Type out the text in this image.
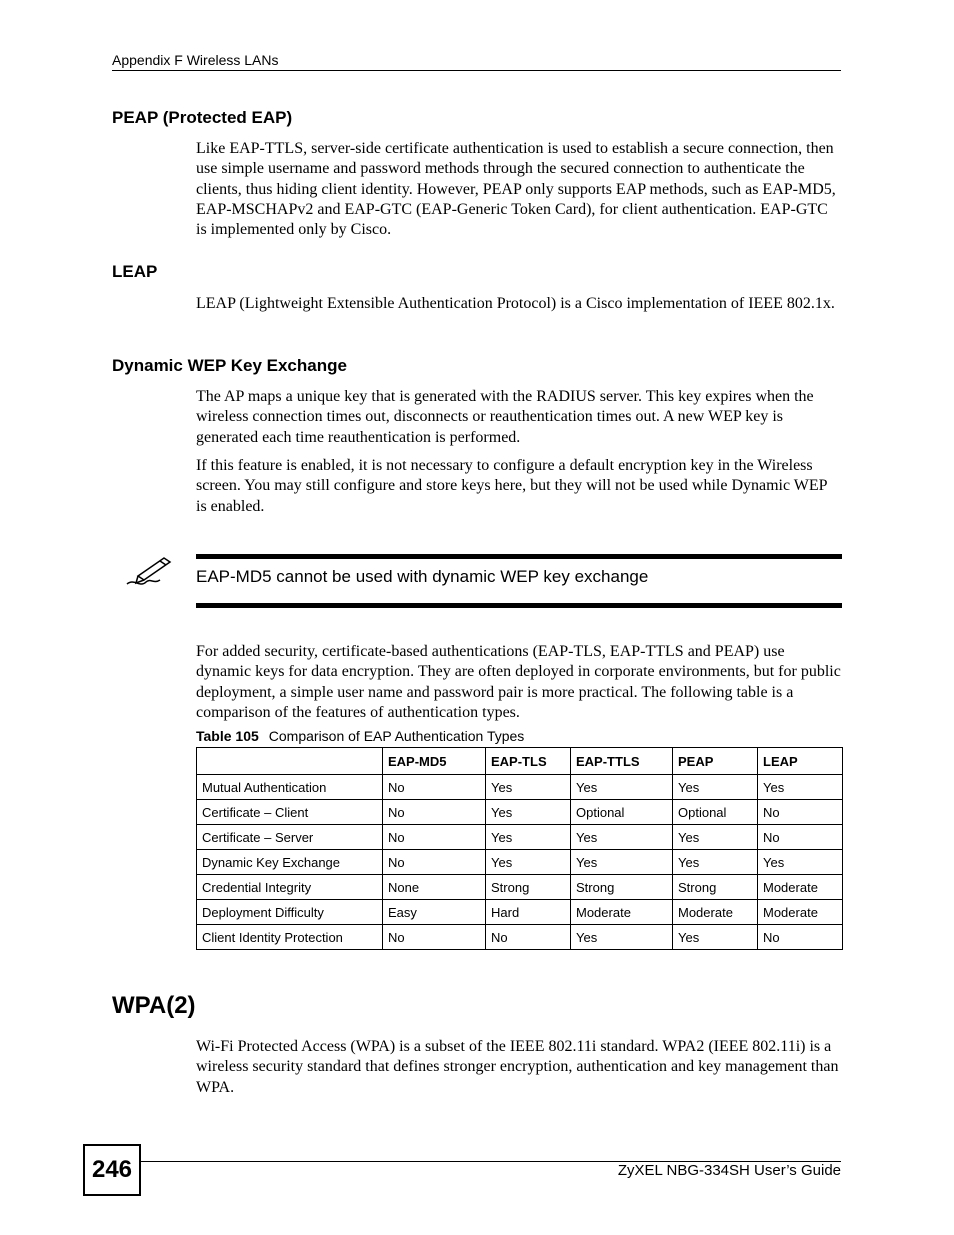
Appendix F Wireless LANs
PEAP (Protected EAP)

Like EAP-TTLS, server-side certificate authentication is used to establish a secure connection, then use simple username and password methods through the secured connection to authenticate the clients, thus hiding client identity. However, PEAP only supports EAP methods, such as EAP-MD5, EAP-MSCHAPv2 and EAP-GTC (EAP-Generic Token Card), for client authentication. EAP-GTC is implemented only by Cisco.

LEAP

LEAP (Lightweight Extensible Authentication Protocol) is a Cisco implementation of IEEE 802.1x.

Dynamic WEP Key Exchange

The AP maps a unique key that is generated with the RADIUS server. This key expires when the wireless connection times out, disconnects or reauthentication times out. A new WEP key is generated each time reauthentication is performed.

If this feature is enabled, it is not necessary to configure a default encryption key in the Wireless screen. You may still configure and store keys here, but they will not be used while Dynamic WEP is enabled.

EAP-MD5 cannot be used with dynamic WEP key exchange

For added security, certificate-based authentications (EAP-TLS, EAP-TTLS and PEAP) use dynamic keys for data encryption. They are often deployed in corporate environments, but for public deployment, a simple user name and password pair is more practical. The following table is a comparison of the features of authentication types.

Table 105 Comparison of EAP Authentication Types
	EAP-MD5	EAP-TLS	EAP-TTLS	PEAP	LEAP
Mutual Authentication	No	Yes	Yes	Yes	Yes
Certificate – Client	No	Yes	Optional	Optional	No
Certificate – Server	No	Yes	Yes	Yes	No
Dynamic Key Exchange	No	Yes	Yes	Yes	Yes
Credential Integrity	None	Strong	Strong	Strong	Moderate
Deployment Difficulty	Easy	Hard	Moderate	Moderate	Moderate
Client Identity Protection	No	No	Yes	Yes	No
WPA(2)

Wi-Fi Protected Access (WPA) is a subset of the IEEE 802.11i standard. WPA2 (IEEE 802.11i) is a wireless security standard that defines stronger encryption, authentication and key management than WPA.

246	ZyXEL NBG-334SH User’s Guide
